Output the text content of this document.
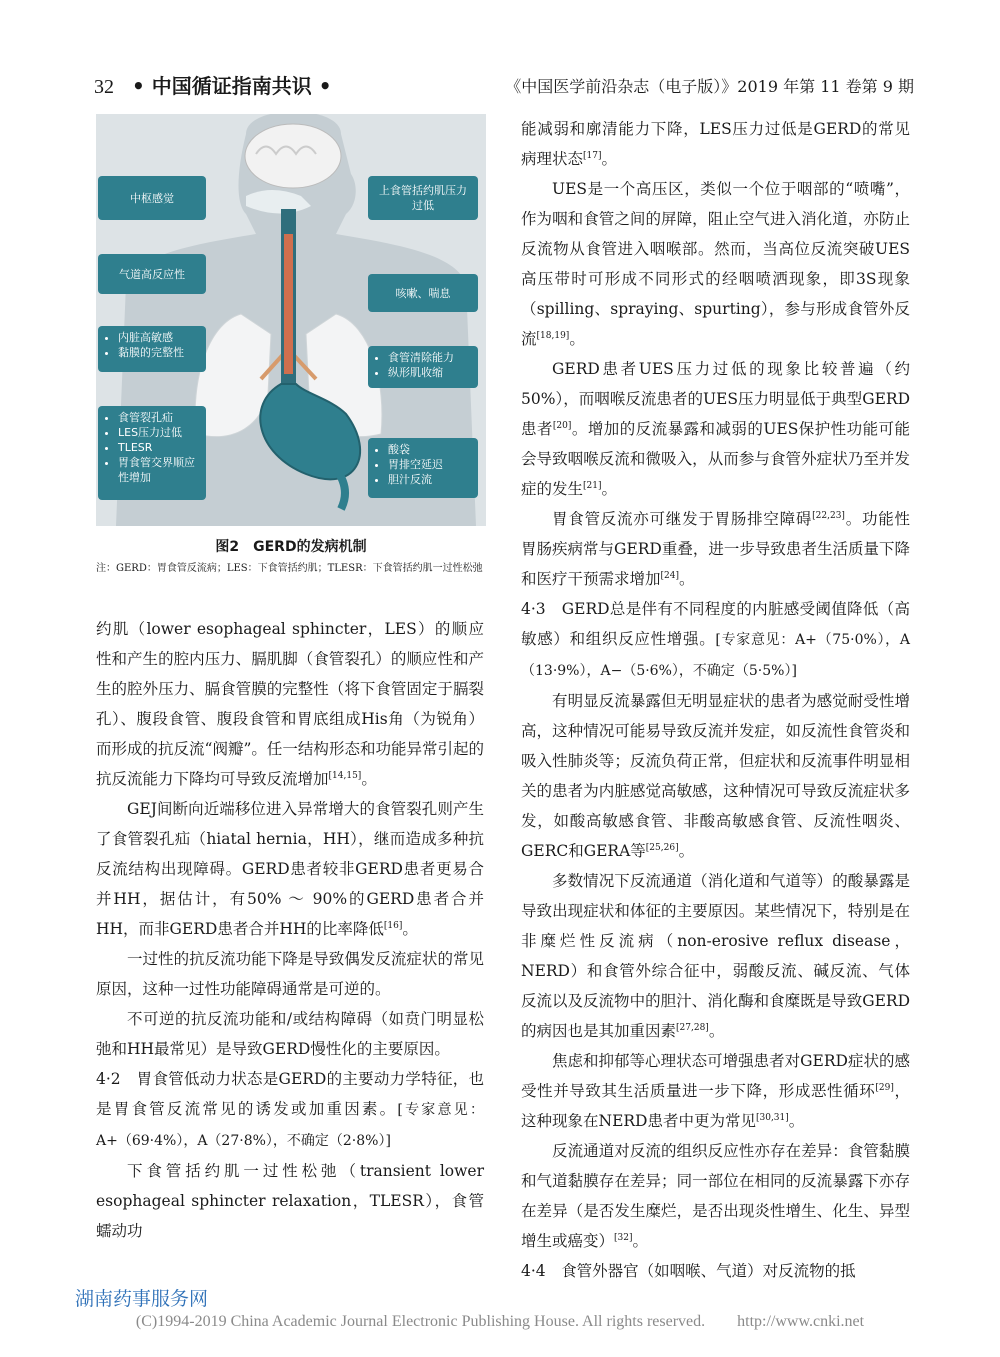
32 • 中国循证指南共识 •	《中国医学前沿杂志（电子版）》2019 年第 11 卷第 9 期
中枢感觉
气道高反应性
• 内脏高敏感
• 黏膜的完整性
• 食管裂孔疝
• LES压力过低
• TLESR
• 胃食管交界顺应性增加
上食管括约肌压力过低
咳嗽、喘息
• 食管清除能力
• 纵形肌收缩
• 酸袋
• 胃排空延迟
• 胆汁反流
图2　GERD的发病机制
注：GERD：胃食管反流病；LES：下食管括约肌；TLESR：下食管括约肌一过性松弛

约肌（lower esophageal sphincter，LES）的顺应性和产生的腔内压力、膈肌脚（食管裂孔）的顺应性和产生的腔外压力、膈食管膜的完整性（将下食管固定于膈裂孔）、腹段食管、腹段食管和胃底组成His角（为锐角）而形成的抗反流“阀瓣”。任一结构形态和功能异常引起的抗反流能力下降均可导致反流增加[14,15]。

GEJ间断向近端移位进入异常增大的食管裂孔则产生了食管裂孔疝（hiatal hernia，HH），继而造成多种抗反流结构出现障碍。GERD患者较非GERD患者更易合并HH，据估计，有50% ～ 90%的GERD患者合并HH，而非GERD患者合并HH的比率降低[16]。

一过性的抗反流功能下降是导致偶发反流症状的常见原因，这种一过性功能障碍通常是可逆的。

不可逆的抗反流功能和/或结构障碍（如贲门明显松弛和HH最常见）是导致GERD慢性化的主要原因。

4·2　胃食管低动力状态是GERD的主要动力学特征，也是胃食管反流常见的诱发或加重因素。[专家意见：A+（69·4%），A（27·8%），不确定（2·8%）]

下食管括约肌一过性松弛（transient lower esophageal sphincter relaxation，TLESR），食管蠕动功

能减弱和廓清能力下降，LES压力过低是GERD的常见病理状态[17]。

UES是一个高压区，类似一个位于咽部的“喷嘴”，作为咽和食管之间的屏障，阻止空气进入消化道，亦防止反流物从食管进入咽喉部。然而，当高位反流突破UES高压带时可形成不同形式的经咽喷洒现象，即3S现象（spilling、spraying、spurting），参与形成食管外反流[18,19]。

GERD患者UES压力过低的现象比较普遍（约50%），而咽喉反流患者的UES压力明显低于典型GERD患者[20]。增加的反流暴露和减弱的UES保护性功能可能会导致咽喉反流和微吸入，从而参与食管外症状乃至并发症的发生[21]。

胃食管反流亦可继发于胃肠排空障碍[22,23]。功能性胃肠疾病常与GERD重叠，进一步导致患者生活质量下降和医疗干预需求增加[24]。

4·3　GERD总是伴有不同程度的内脏感受阈值降低（高敏感）和组织反应性增强。[专家意见：A+（75·0%），A（13·9%），A−（5·6%），不确定（5·5%）]

有明显反流暴露但无明显症状的患者为感觉耐受性增高，这种情况可能易导致反流并发症，如反流性食管炎和吸入性肺炎等；反流负荷正常，但症状和反流事件明显相关的患者为内脏感觉高敏感，这种情况可导致反流症状多发，如酸高敏感食管、非酸高敏感食管、反流性咽炎、GERC和GERA等[25,26]。

多数情况下反流通道（消化道和气道等）的酸暴露是导致出现症状和体征的主要原因。某些情况下，特别是在非糜烂性反流病（non-erosive reflux disease，NERD）和食管外综合征中，弱酸反流、碱反流、气体反流以及反流物中的胆汁、消化酶和食糜既是导致GERD的病因也是其加重因素[27,28]。

焦虑和抑郁等心理状态可增强患者对GERD症状的感受性并导致其生活质量进一步下降，形成恶性循环[29]，这种现象在NERD患者中更为常见[30,31]。

反流通道对反流的组织反应性亦存在差异：食管黏膜和气道黏膜存在差异；同一部位在相同的反流暴露下亦存在差异（是否发生糜烂，是否出现炎性增生、化生、异型增生或癌变）[32]。

4·4　食管外器官（如咽喉、气道）对反流物的抵

湖南药事服务网
(C)1994-2019 China Academic Journal Electronic Publishing House. All rights reserved.　　http://www.cnki.net
